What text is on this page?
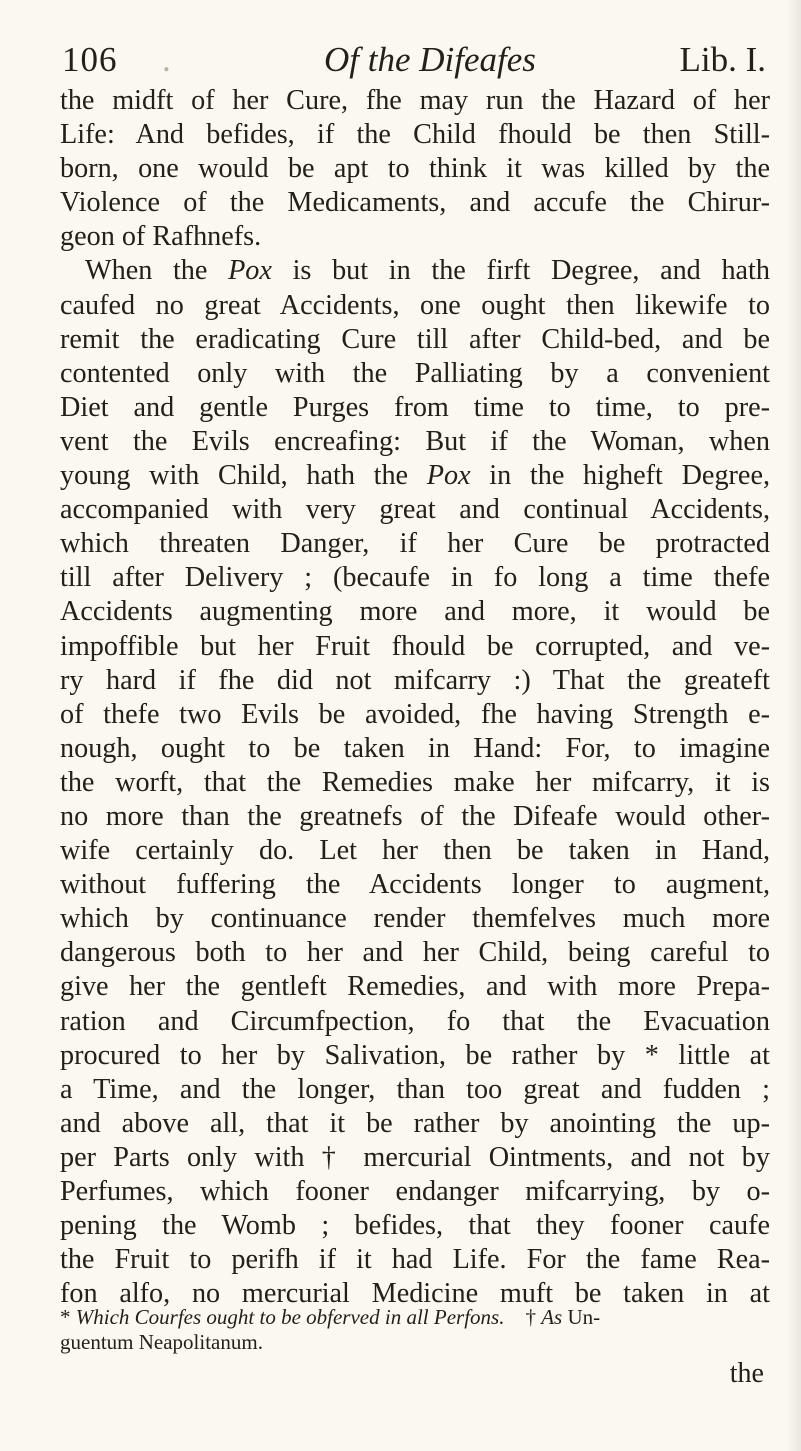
106 .	Of the Difeafes	Lib. I.
the midft of her Cure, fhe may run the Hazard of her
Life: And befides, if the Child fhould be then Still-
born, one would be apt to think it was killed by the
Violence of the Medicaments, and accufe the Chirur-
geon of Rafhnefs.
When the Pox is but in the firft Degree, and hath
caufed no great Accidents, one ought then likewife to
remit the eradicating Cure till after Child-bed, and be
contented only with the Palliating by a convenient
Diet and gentle Purges from time to time, to pre-
vent the Evils encreafing: But if the Woman, when
young with Child, hath the Pox in the higheft Degree,
accompanied with very great and continual Accidents,
which threaten Danger, if her Cure be protracted
till after Delivery ; (becaufe in fo long a time thefe
Accidents augmenting more and more, it would be
impoffible but her Fruit fhould be corrupted, and ve-
ry hard if fhe did not mifcarry :) That the greateft
of thefe two Evils be avoided, fhe having Strength e-
nough, ought to be taken in Hand: For, to imagine
the worft, that the Remedies make her mifcarry, it is
no more than the greatnefs of the Difeafe would other-
wife certainly do. Let her then be taken in Hand,
without fuffering the Accidents longer to augment,
which by continuance render themfelves much more
dangerous both to her and her Child, being careful to
give her the gentleft Remedies, and with more Prepa-
ration and Circumfpection, fo that the Evacuation
procured to her by Salivation, be rather by * little at
a Time, and the longer, than too great and fudden ;
and above all, that it be rather by anointing the up-
per Parts only with † mercurial Ointments, and not by
Perfumes, which fooner endanger mifcarrying, by o-
pening the Womb ; befides, that they fooner caufe
the Fruit to perifh if it had Life. For the fame Rea-
fon alfo, no mercurial Medicine muft be taken in at
* Which Courfes ought to be obferved in all Perfons. † As Un-
guentum Neapolitanum.
the
